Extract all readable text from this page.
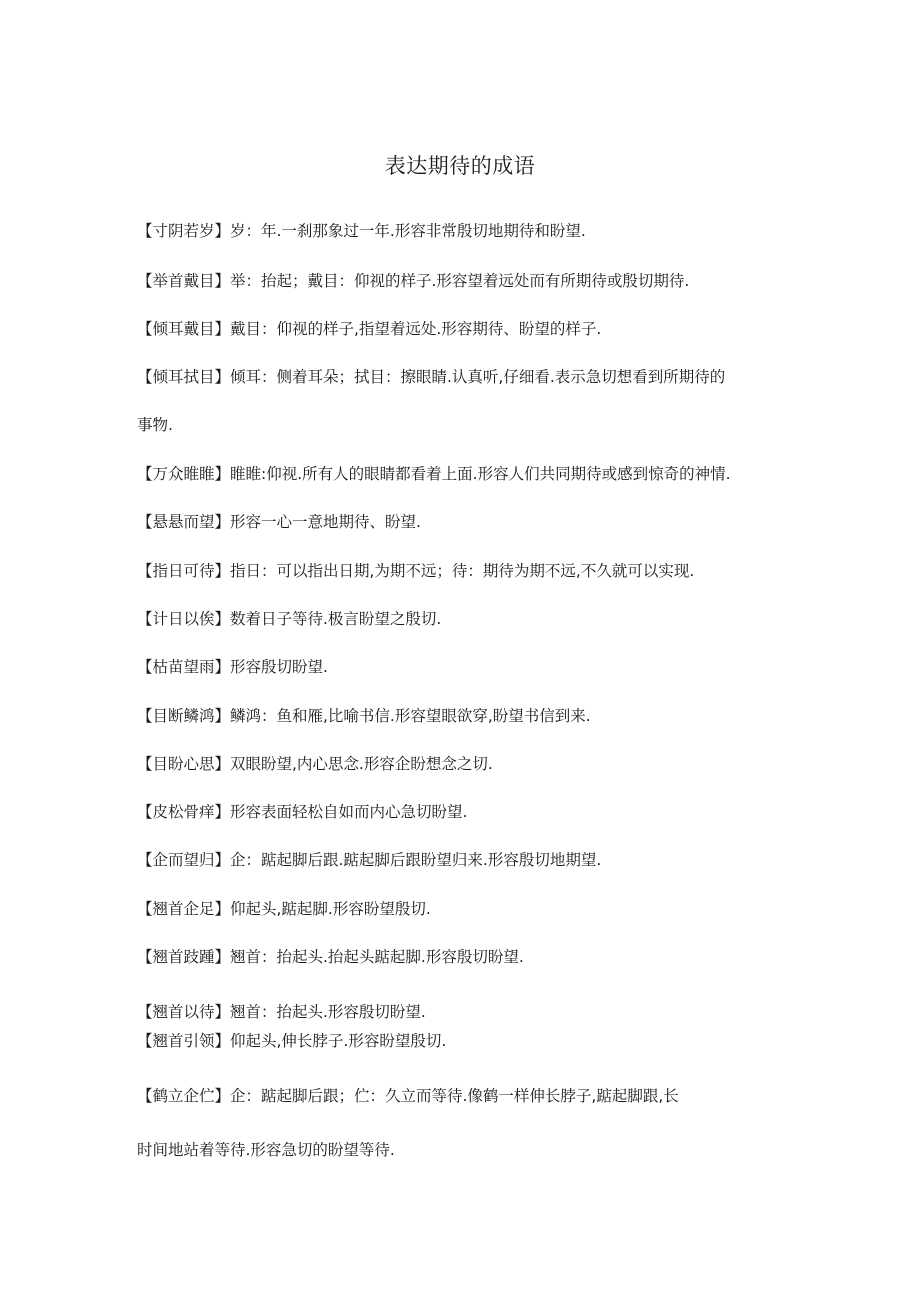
表达期待的成语
【寸阴若岁】岁：年.一刹那象过一年.形容非常殷切地期待和盼望.
【举首戴目】举：抬起；戴目：仰视的样子.形容望着远处而有所期待或殷切期待.
【倾耳戴目】戴目：仰视的样子,指望着远处.形容期待、盼望的样子.
【倾耳拭目】倾耳：侧着耳朵；拭目：擦眼睛.认真听,仔细看.表示急切想看到所期待的
事物.
【万众睢睢】睢睢:仰视.所有人的眼睛都看着上面.形容人们共同期待或感到惊奇的神情.
【悬悬而望】形容一心一意地期待、盼望.
【指日可待】指日：可以指出日期,为期不远；待：期待为期不远,不久就可以实现.
【计日以俟】数着日子等待.极言盼望之殷切.
【枯苗望雨】形容殷切盼望.
【目断鳞鸿】鳞鸿：鱼和雁,比喻书信.形容望眼欲穿,盼望书信到来.
【目盼心思】双眼盼望,内心思念.形容企盼想念之切.
【皮松骨痒】形容表面轻松自如而内心急切盼望.
【企而望归】企：踮起脚后跟.踮起脚后跟盼望归来.形容殷切地期望.
【翘首企足】仰起头,踮起脚.形容盼望殷切.
【翘首跂踵】翘首：抬起头.抬起头踮起脚.形容殷切盼望.
【翘首以待】翘首：抬起头.形容殷切盼望.
【翘首引领】仰起头,伸长脖子.形容盼望殷切.
【鹤立企伫】企：踮起脚后跟；伫：久立而等待.像鹤一样伸长脖子,踮起脚跟,长
时间地站着等待.形容急切的盼望等待.
